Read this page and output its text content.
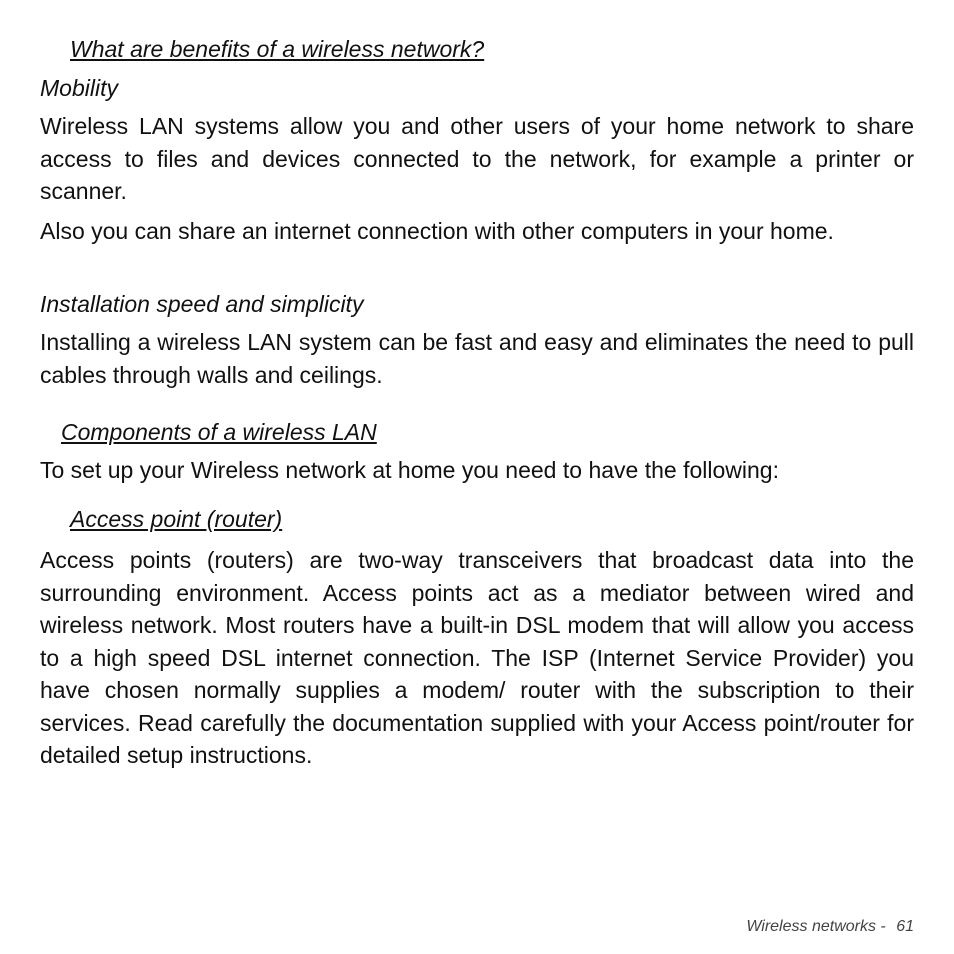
What are benefits of a wireless network?
Mobility

Wireless LAN systems allow you and other users of your home network to share access to files and devices connected to the network, for example a printer or scanner.

Also you can share an internet connection with other computers in your home.

Installation speed and simplicity

Installing a wireless LAN system can be fast and easy and eliminates the need to pull cables through walls and ceilings.

Components of a wireless LAN

To set up your Wireless network at home you need to have the following:

Access point (router)

Access points (routers) are two-way transceivers that broadcast data into the surrounding environment. Access points act as a mediator between wired and wireless network. Most routers have a built-in DSL modem that will allow you access to a high speed DSL internet connection. The ISP (Internet Service Provider) you have chosen normally supplies a modem/ router with the subscription to their services. Read carefully the documentation supplied with your Access point/router for detailed setup instructions.

Wireless networks - 61
